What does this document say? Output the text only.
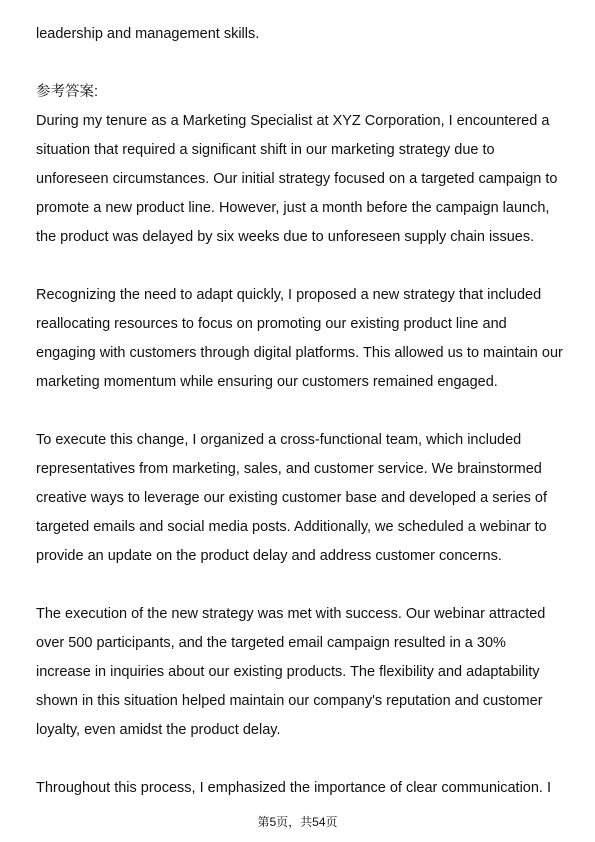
leadership and management skills.
参考答案:
During my tenure as a Marketing Specialist at XYZ Corporation, I encountered a
situation that required a significant shift in our marketing strategy due to
unforeseen circumstances. Our initial strategy focused on a targeted campaign to
promote a new product line. However, just a month before the campaign launch,
the product was delayed by six weeks due to unforeseen supply chain issues.
Recognizing the need to adapt quickly, I proposed a new strategy that included
reallocating resources to focus on promoting our existing product line and
engaging with customers through digital platforms. This allowed us to maintain our
marketing momentum while ensuring our customers remained engaged.
To execute this change, I organized a cross-functional team, which included
representatives from marketing, sales, and customer service. We brainstormed
creative ways to leverage our existing customer base and developed a series of
targeted emails and social media posts. Additionally, we scheduled a webinar to
provide an update on the product delay and address customer concerns.
The execution of the new strategy was met with success. Our webinar attracted
over 500 participants, and the targeted email campaign resulted in a 30%
increase in inquiries about our existing products. The flexibility and adaptability
shown in this situation helped maintain our company's reputation and customer
loyalty, even amidst the product delay.
Throughout this process, I emphasized the importance of clear communication. I
第5页，共54页
